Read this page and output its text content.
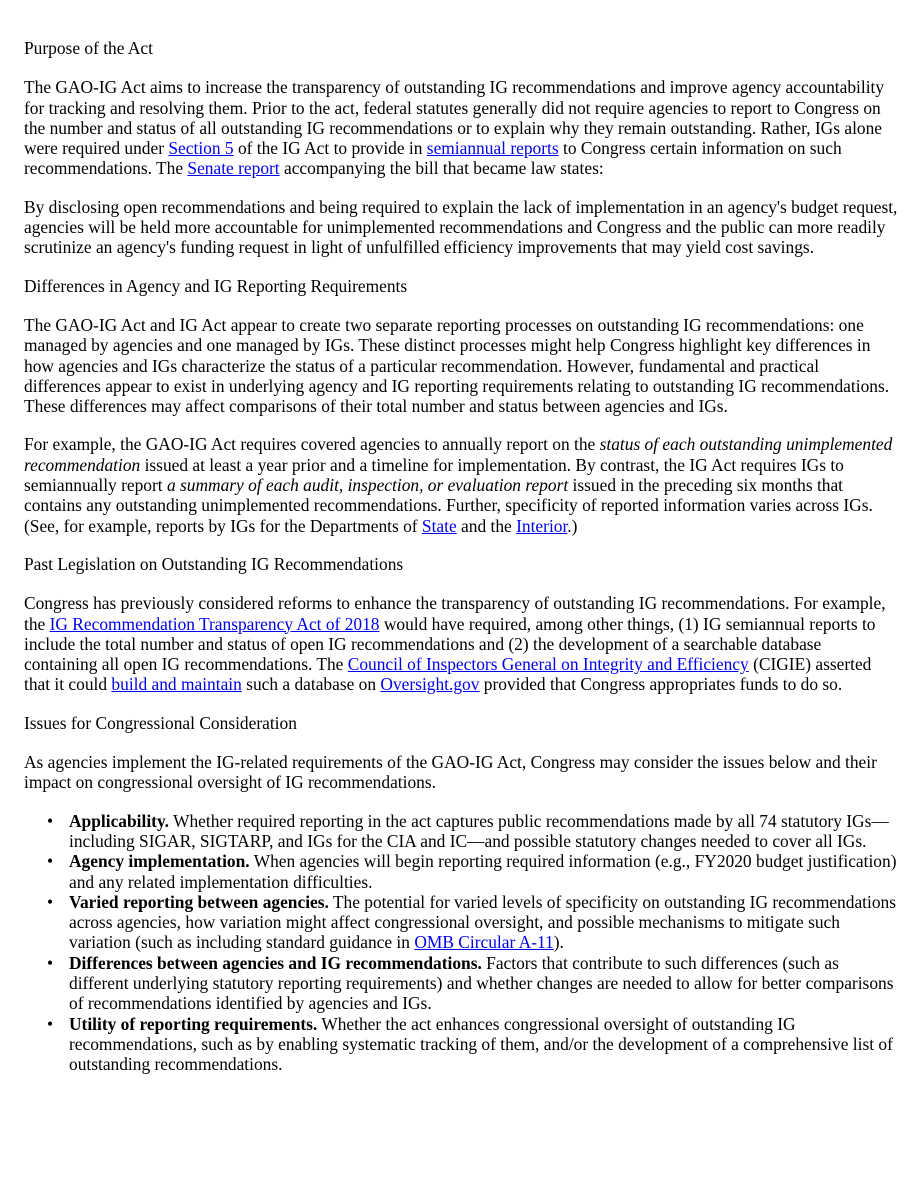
Purpose of the Act

The GAO-IG Act aims to increase the transparency of outstanding IG recommendations and improve agency accountability for tracking and resolving them. Prior to the act, federal statutes generally did not require agencies to report to Congress on the number and status of all outstanding IG recommendations or to explain why they remain outstanding. Rather, IGs alone were required under Section 5 of the IG Act to provide in semiannual reports to Congress certain information on such recommendations. The Senate report accompanying the bill that became law states:

By disclosing open recommendations and being required to explain the lack of implementation in an agency's budget request, agencies will be held more accountable for unimplemented recommendations and Congress and the public can more readily scrutinize an agency's funding request in light of unfulfilled efficiency improvements that may yield cost savings.

Differences in Agency and IG Reporting Requirements

The GAO-IG Act and IG Act appear to create two separate reporting processes on outstanding IG recommendations: one managed by agencies and one managed by IGs. These distinct processes might help Congress highlight key differences in how agencies and IGs characterize the status of a particular recommendation. However, fundamental and practical differences appear to exist in underlying agency and IG reporting requirements relating to outstanding IG recommendations. These differences may affect comparisons of their total number and status between agencies and IGs.

For example, the GAO-IG Act requires covered agencies to annually report on the status of each outstanding unimplemented recommendation issued at least a year prior and a timeline for implementation. By contrast, the IG Act requires IGs to semiannually report a summary of each audit, inspection, or evaluation report issued in the preceding six months that contains any outstanding unimplemented recommendations. Further, specificity of reported information varies across IGs. (See, for example, reports by IGs for the Departments of State and the Interior.)

Past Legislation on Outstanding IG Recommendations

Congress has previously considered reforms to enhance the transparency of outstanding IG recommendations. For example, the IG Recommendation Transparency Act of 2018 would have required, among other things, (1) IG semiannual reports to include the total number and status of open IG recommendations and (2) the development of a searchable database containing all open IG recommendations. The Council of Inspectors General on Integrity and Efficiency (CIGIE) asserted that it could build and maintain such a database on Oversight.gov provided that Congress appropriates funds to do so.

Issues for Congressional Consideration

As agencies implement the IG-related requirements of the GAO-IG Act, Congress may consider the issues below and their impact on congressional oversight of IG recommendations.

• Applicability. Whether required reporting in the act captures public recommendations made by all 74 statutory IGs—including SIGAR, SIGTARP, and IGs for the CIA and IC—and possible statutory changes needed to cover all IGs.
• Agency implementation. When agencies will begin reporting required information (e.g., FY2020 budget justification) and any related implementation difficulties.
• Varied reporting between agencies. The potential for varied levels of specificity on outstanding IG recommendations across agencies, how variation might affect congressional oversight, and possible mechanisms to mitigate such variation (such as including standard guidance in OMB Circular A-11).
• Differences between agencies and IG recommendations. Factors that contribute to such differences (such as different underlying statutory reporting requirements) and whether changes are needed to allow for better comparisons of recommendations identified by agencies and IGs.
• Utility of reporting requirements. Whether the act enhances congressional oversight of outstanding IG recommendations, such as by enabling systematic tracking of them, and/or the development of a comprehensive list of outstanding recommendations.
